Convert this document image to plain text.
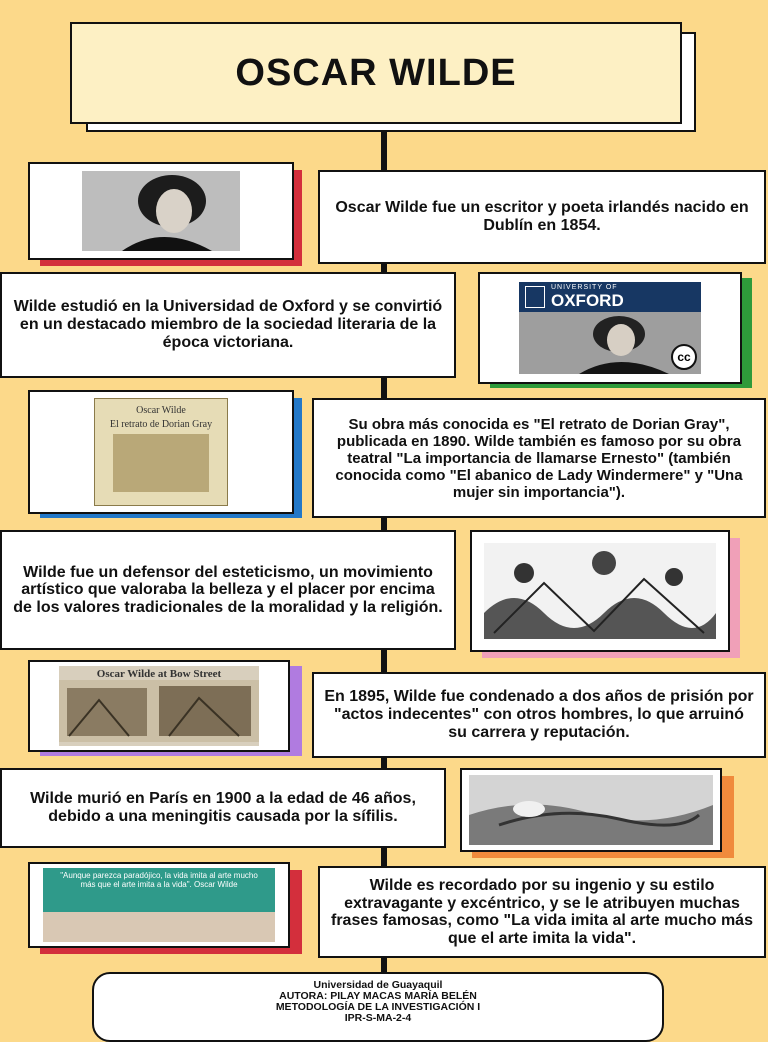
OSCAR WILDE
Oscar Wilde fue un escritor y poeta irlandés nacido en Dublín en 1854.
Wilde estudió en la Universidad de Oxford y se convirtió en un destacado miembro de la sociedad literaria de la época victoriana.
UNIVERSITY OF
OXFORD
cc
Oscar Wilde
El retrato de Dorian Gray	Su obra más conocida es "El retrato de Dorian Gray", publicada en 1890. Wilde también es famoso por su obra teatral "La importancia de llamarse Ernesto" (también conocida como "El abanico de Lady Windermere" y "Una mujer sin importancia").
Wilde fue un defensor del esteticismo, un movimiento artístico que valoraba la belleza y el placer por encima de los valores tradicionales de la moralidad y la religión.
Oscar Wilde at Bow Street
En 1895, Wilde fue condenado a dos años de prisión por "actos indecentes" con otros hombres, lo que arruinó su carrera y reputación.
Wilde murió en París en 1900 a la edad de 46 años, debido a una meningitis causada por la sífilis.
"Aunque parezca paradójico, la vida imita al arte mucho más que el arte imita a la vida". Oscar Wilde	Wilde es recordado por su ingenio y su estilo extravagante y excéntrico, y se le atribuyen muchas frases famosas, como "La vida imita al arte mucho más que el arte imita la vida".
Universidad de Guayaquil
AUTORA: PILAY MACAS MARÍA BELÉN
METODOLOGÍA DE LA INVESTIGACIÓN I
IPR-S-MA-2-4
